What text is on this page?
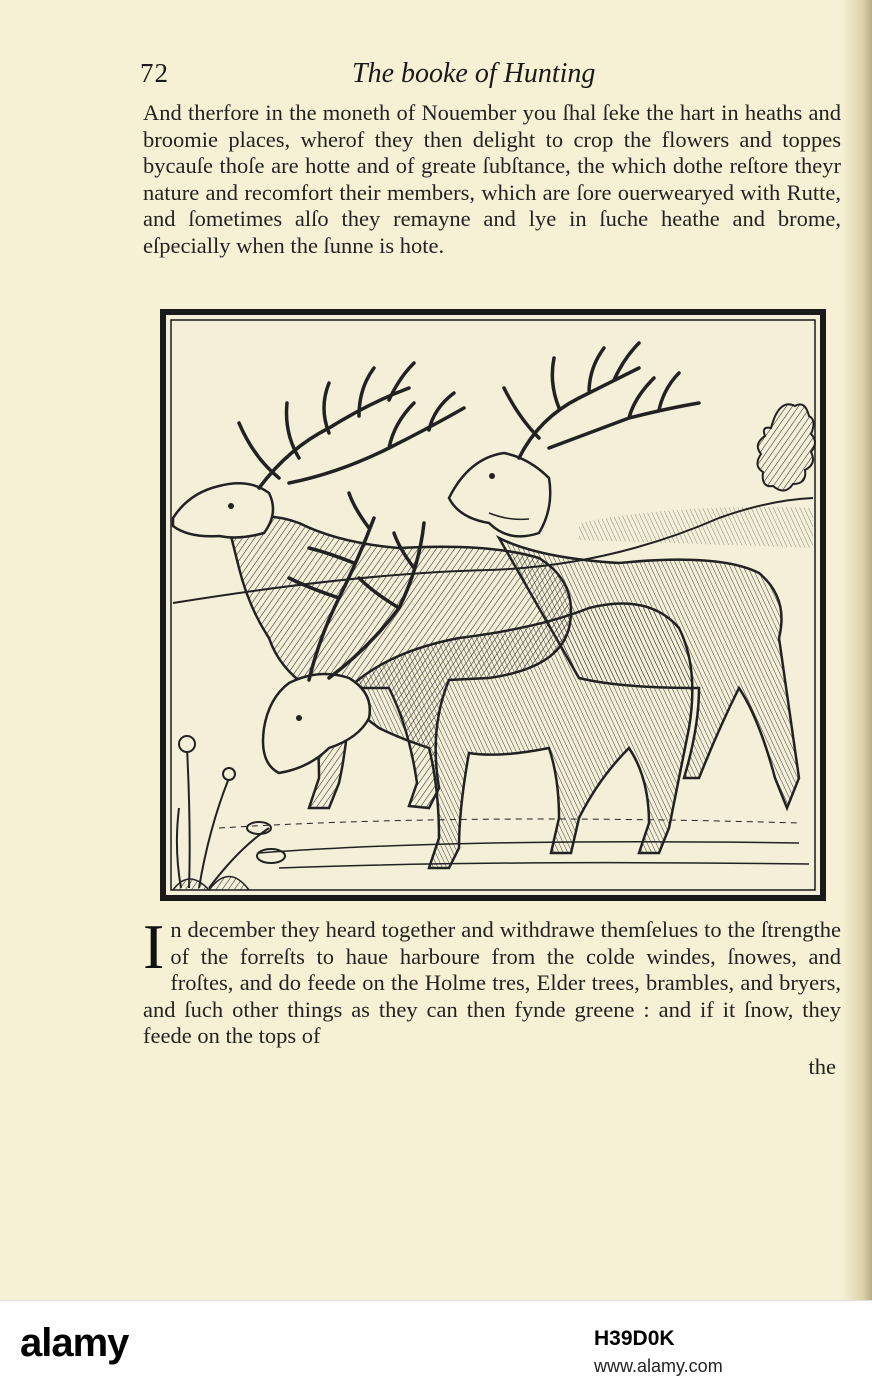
72	The booke of Hunting

And therfore in the moneth of Nouember you ſhal ſeke the hart in heaths and broomie places, wherof they then delight to crop the flowers and toppes bycauſe thoſe are hotte and of greate ſubſtance, the which dothe reſtore theyr nature and recomfort their members, which are ſore ouerwearyed with Rutte, and ſometimes alſo they remayne and lye in ſuche heathe and brome, eſpecially when the ſunne is hote.

In december they heard together and withdrawe themſelues to the ſtrengthe of the forreſts to haue harboure from the colde windes, ſnowes, and froſtes, and do feede on the Holme tres, Elder trees, brambles, and bryers, and ſuch other things as they can then fynde greene : and if it ſnow, they feede on the tops of

the
alamy	H39D0K
www.alamy.com
